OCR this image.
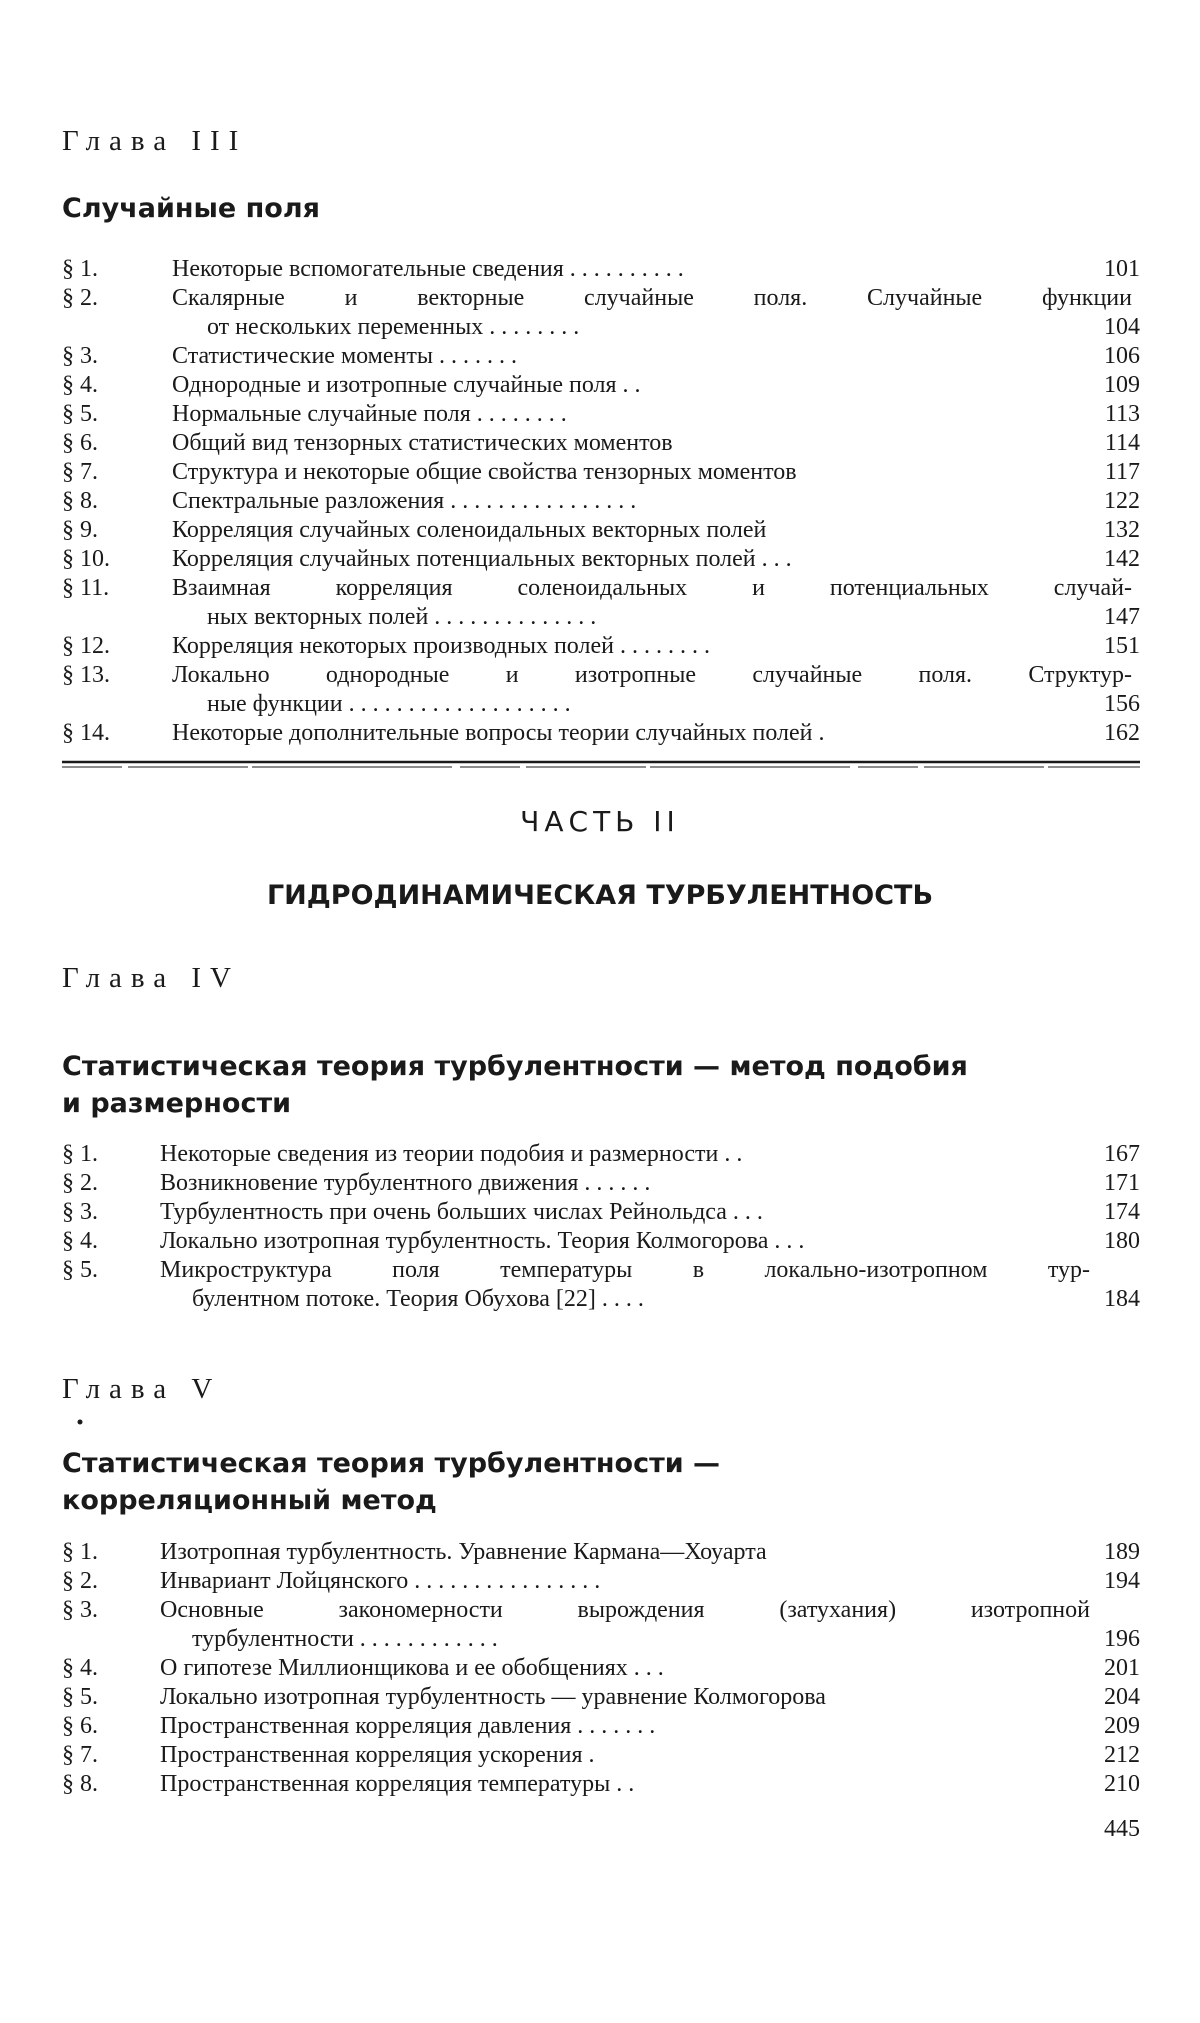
Глава III
Случайные поля
§ 1.	Некоторые вспомогательные сведения . . . . . . . . . .	101
§ 2.	Скалярные и векторные случайные поля. Случайные функции
от нескольких переменных . . . . . . . .	104
§ 3.	Статистические моменты . . . . . . .	106
§ 4.	Однородные и изотропные случайные поля . .	109
§ 5.	Нормальные случайные поля . . . . . . . .	113
§ 6.	Общий вид тензорных статистических моментов	114
§ 7.	Структура и некоторые общие свойства тензорных моментов	117
§ 8.	Спектральные разложения . . . . . . . . . . . . . . . .	122
§ 9.	Корреляция случайных соленоидальных векторных полей	132
§ 10.	Корреляция случайных потенциальных векторных полей . . .	142
§ 11.	Взаимная корреляция соленоидальных и потенциальных случай-
ных векторных полей . . . . . . . . . . . . . .	147
§ 12.	Корреляция некоторых производных полей . . . . . . . .	151
§ 13.	Локально однородные и изотропные случайные поля. Структур-
ные функции . . . . . . . . . . . . . . . . . . .	156
§ 14.	Некоторые дополнительные вопросы теории случайных полей .	162
ЧАСТЬ II
ГИДРОДИНАМИЧЕСКАЯ ТУРБУЛЕНТНОСТЬ
Глава IV
Статистическая теория турбулентности — метод подобия
и размерности
§ 1.	Некоторые сведения из теории подобия и размерности . .	167
§ 2.	Возникновение турбулентного движения . . . . . .	171
§ 3.	Турбулентность при очень больших числах Рейнольдса . . .	174
§ 4.	Локально изотропная турбулентность. Теория Колмогорова . . .	180
§ 5.	Микроструктура поля температуры в локально-изотропном тур-
булентном потоке. Теория Обухова [22] . . . .	184
Глава V
Статистическая теория турбулентности —
корреляционный метод
§ 1.	Изотропная турбулентность. Уравнение Кармана—Хоуарта	189
§ 2.	Инвариант Лойцянского . . . . . . . . . . . . . . . .	194
§ 3.	Основные закономерности вырождения (затухания) изотропной
турбулентности . . . . . . . . . . . .	196
§ 4.	О гипотезе Миллионщикова и ее обобщениях . . .	201
§ 5.	Локально изотропная турбулентность — уравнение Колмогорова	204
§ 6.	Пространственная корреляция давления . . . . . . .	209
§ 7.	Пространственная корреляция ускорения .	212
§ 8.	Пространственная корреляция температуры . .	210
445
